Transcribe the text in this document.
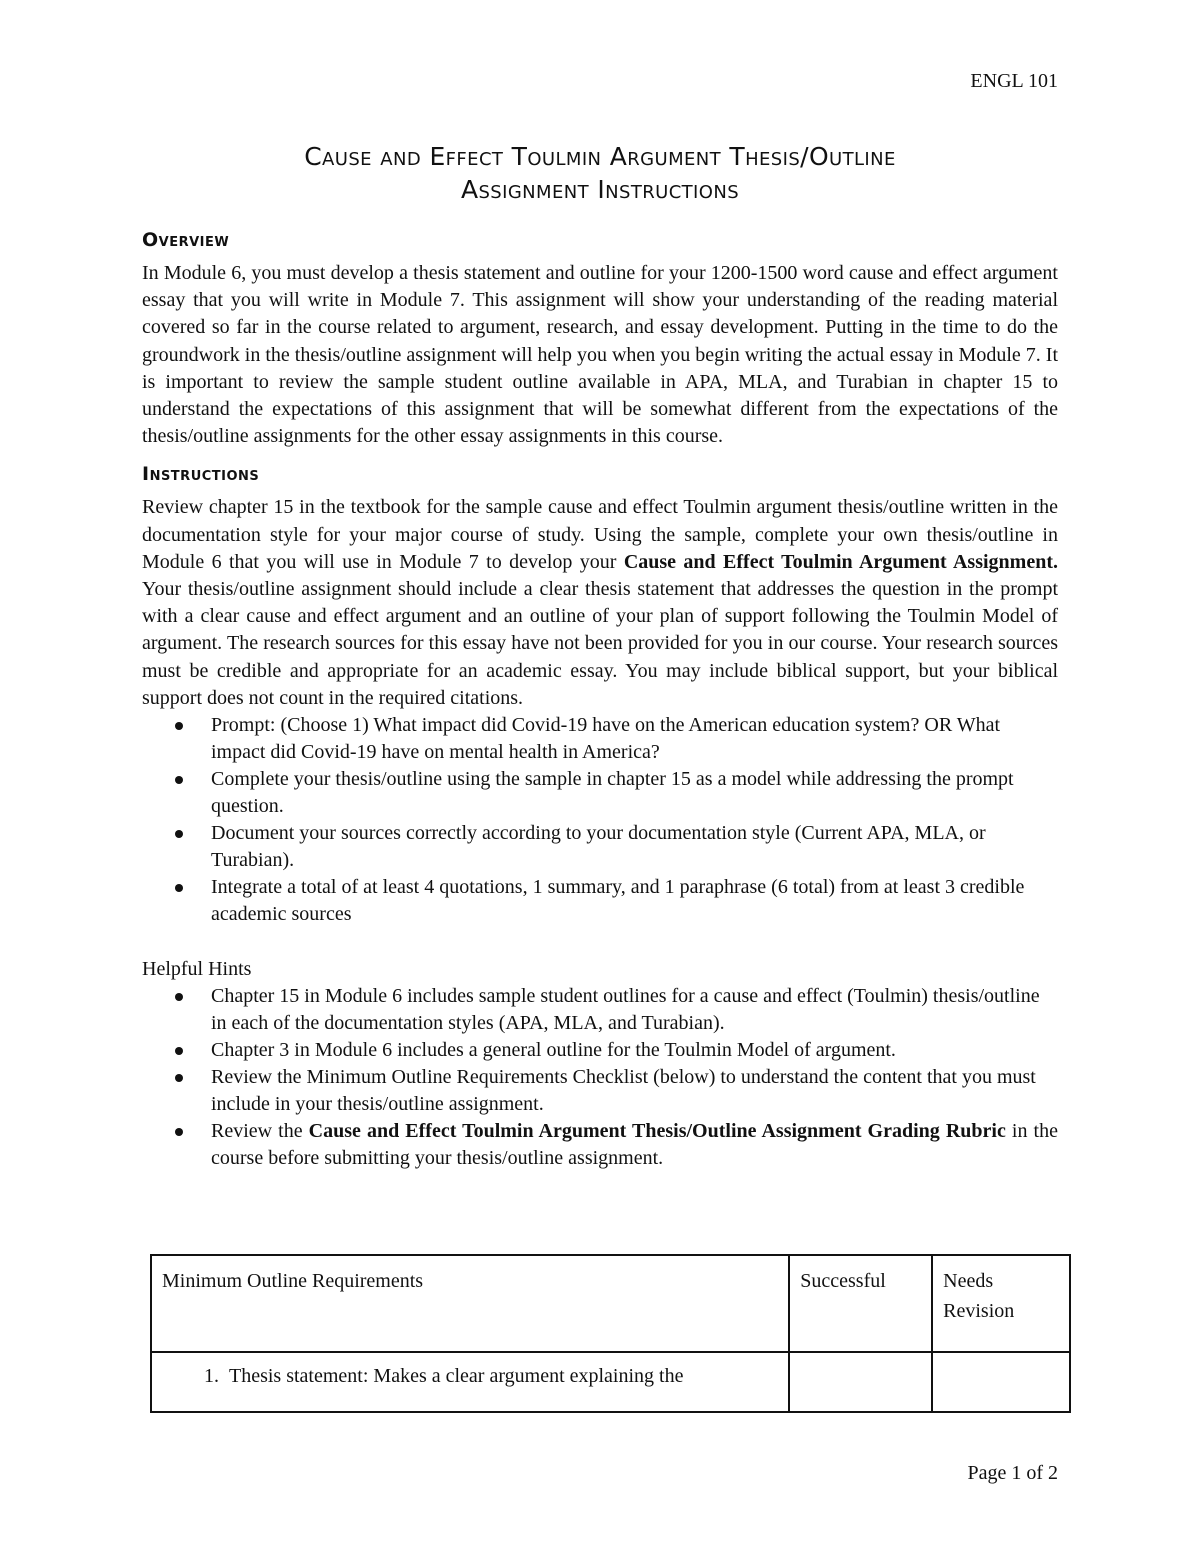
ENGL 101
Cause and Effect Toulmin Argument Thesis/Outline
Assignment Instructions
Overview

In Module 6, you must develop a thesis statement and outline for your 1200-1500 word cause and effect argument essay that you will write in Module 7. This assignment will show your understanding of the reading material covered so far in the course related to argument, research, and essay development. Putting in the time to do the groundwork in the thesis/outline assignment will help you when you begin writing the actual essay in Module 7. It is important to review the sample student outline available in APA, MLA, and Turabian in chapter 15 to understand the expectations of this assignment that will be somewhat different from the expectations of the thesis/outline assignments for the other essay assignments in this course.

Instructions

Review chapter 15 in the textbook for the sample cause and effect Toulmin argument thesis/outline written in the documentation style for your major course of study. Using the sample, complete your own thesis/outline in Module 6 that you will use in Module 7 to develop your Cause and Effect Toulmin Argument Assignment. Your thesis/outline assignment should include a clear thesis statement that addresses the question in the prompt with a clear cause and effect argument and an outline of your plan of support following the Toulmin Model of argument. The research sources for this essay have not been provided for you in our course. Your research sources must be credible and appropriate for an academic essay. You may include biblical support, but your biblical support does not count in the required citations.

Prompt: (Choose 1) What impact did Covid-19 have on the American education system? OR What impact did Covid-19 have on mental health in America?
Complete your thesis/outline using the sample in chapter 15 as a model while addressing the prompt question.
Document your sources correctly according to your documentation style (Current APA, MLA, or Turabian).
Integrate a total of at least 4 quotations, 1 summary, and 1 paraphrase (6 total) from at least 3 credible academic sources
Helpful Hints
Chapter 15 in Module 6 includes sample student outlines for a cause and effect (Toulmin) thesis/outline in each of the documentation styles (APA, MLA, and Turabian).
Chapter 3 in Module 6 includes a general outline for the Toulmin Model of argument.
Review the Minimum Outline Requirements Checklist (below) to understand the content that you must include in your thesis/outline assignment.
Review the Cause and Effect Toulmin Argument Thesis/Outline Assignment Grading Rubric in the course before submitting your thesis/outline assignment.
Minimum Outline Requirements	Successful	Needs Revision
1. Thesis statement: Makes a clear argument explaining the		
Page 1 of 2
